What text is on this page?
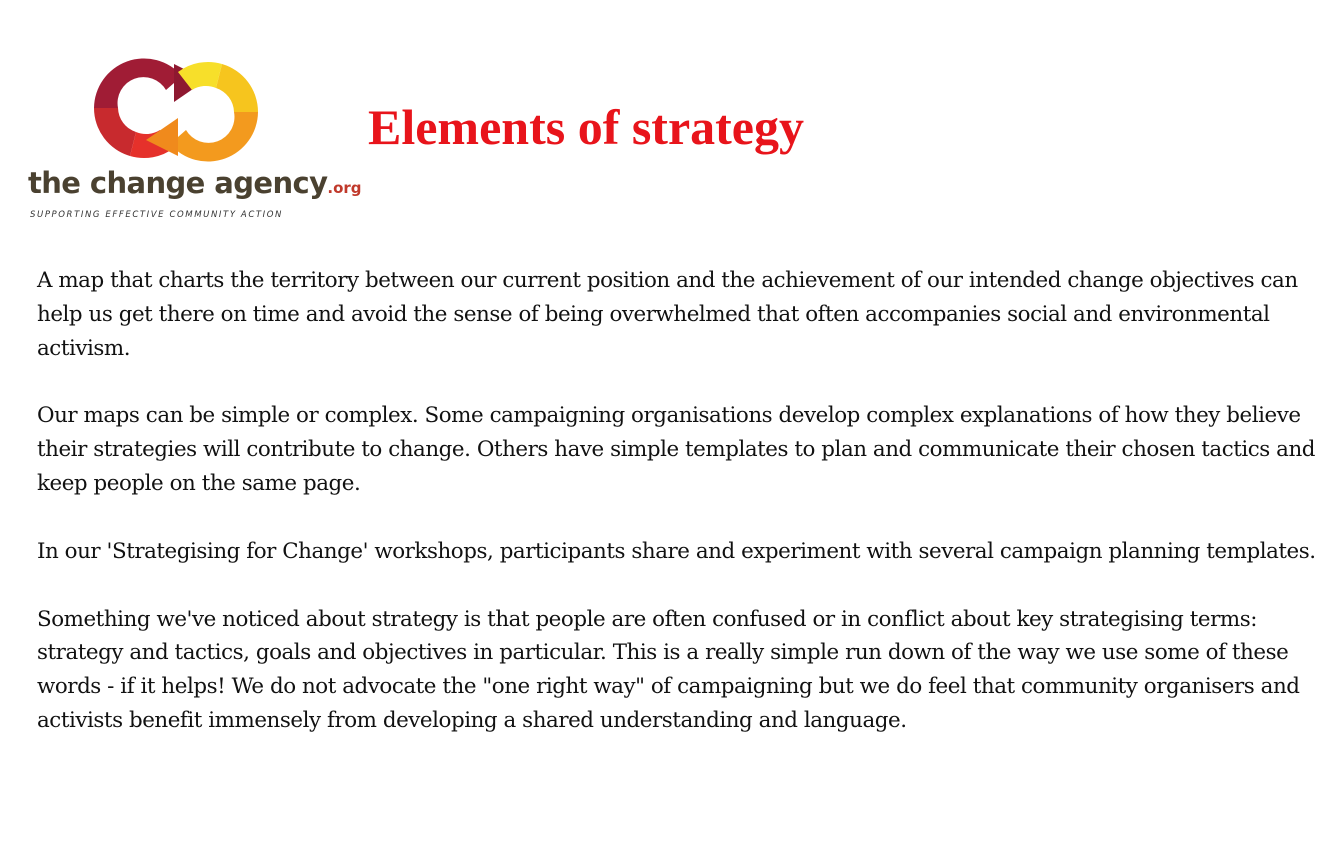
the change agency.org
SUPPORTING EFFECTIVE COMMUNITY ACTION
Elements of strategy

A map that charts the territory between our current position and the achievement of our intended change objectives can help us get there on time and avoid the sense of being overwhelmed that often accompanies social and environmental activism.

Our maps can be simple or complex. Some campaigning organisations develop complex explanations of how they believe their strategies will contribute to change. Others have simple templates to plan and communicate their chosen tactics and keep people on the same page.

In our 'Strategising for Change' workshops, participants share and experiment with several campaign planning templates.

Something we've noticed about strategy is that people are often confused or in conflict about key strategising terms: strategy and tactics, goals and objectives in particular. This is a really simple run down of the way we use some of these words - if it helps! We do not advocate the "one right way" of campaigning but we do feel that community organisers and activists benefit immensely from developing a shared understanding and language.
